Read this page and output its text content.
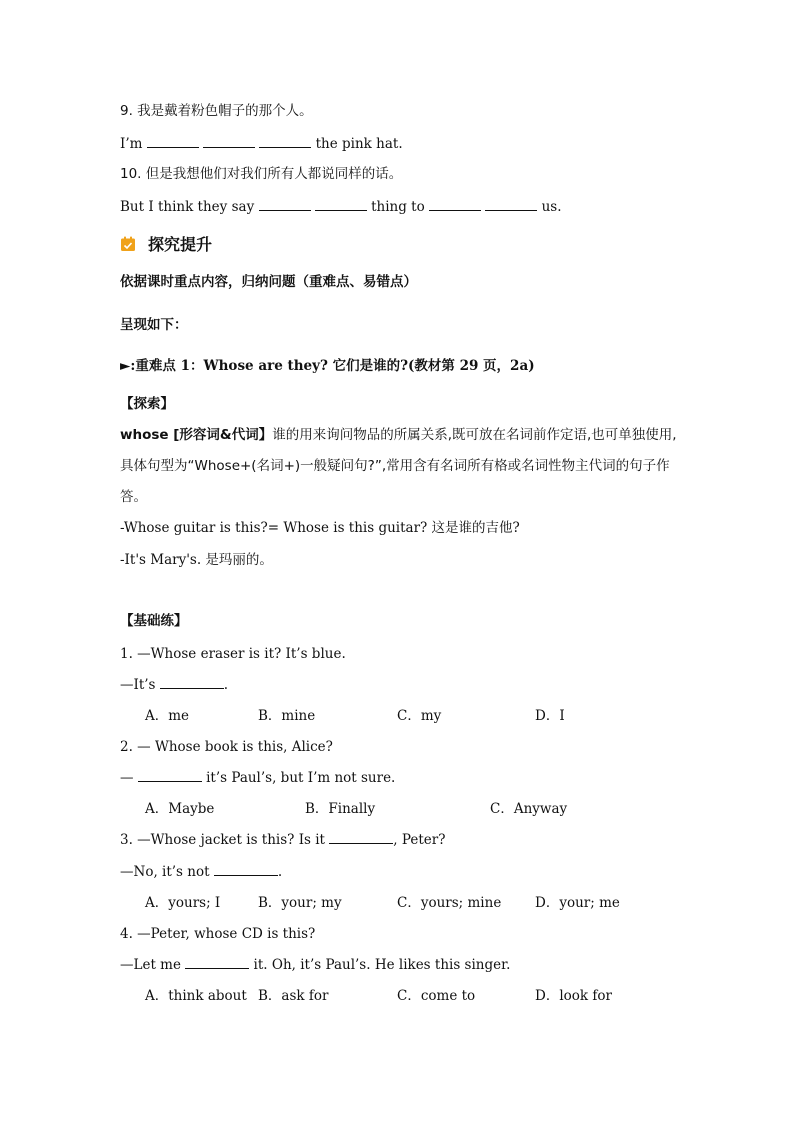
9. 我是戴着粉色帽子的那个人。
I’m	the pink hat.
10. 但是我想他们对我们所有人都说同样的话。
But I think they say	thing to	us.
探究提升
依据课时重点内容，归纳问题（重难点、易错点）
呈现如下：
►:重难点 1：Whose are they? 它们是谁的?(教材第 29 页，2a)
【探索】
whose [形容词&代词】谁的用来询问物品的所属关系,既可放在名词前作定语,也可单独使用,具体句型为“Whose+(名词+)一般疑问句?”,常用含有名词所有格或名词性物主代词的句子作答。
-Whose guitar is this?= Whose is this guitar? 这是谁的吉他?
-It's Mary's. 是玛丽的。
【基础练】
1. —Whose eraser is it? It’s blue.
—It’s	.
A．me	B．mine	C．my	D．I
2. — Whose book is this, Alice?
—	it’s Paul’s, but I’m not sure.
A．Maybe	B．Finally	C．Anyway
3. —Whose jacket is this? Is it	, Peter?
—No, it’s not	.
A．yours; I	B．your; my	C．yours; mine D．your; me
4. —Peter, whose CD is this?
—Let me	it. Oh, it’s Paul’s. He likes this singer.
A．think about B．ask for	C．come to	D．look for
